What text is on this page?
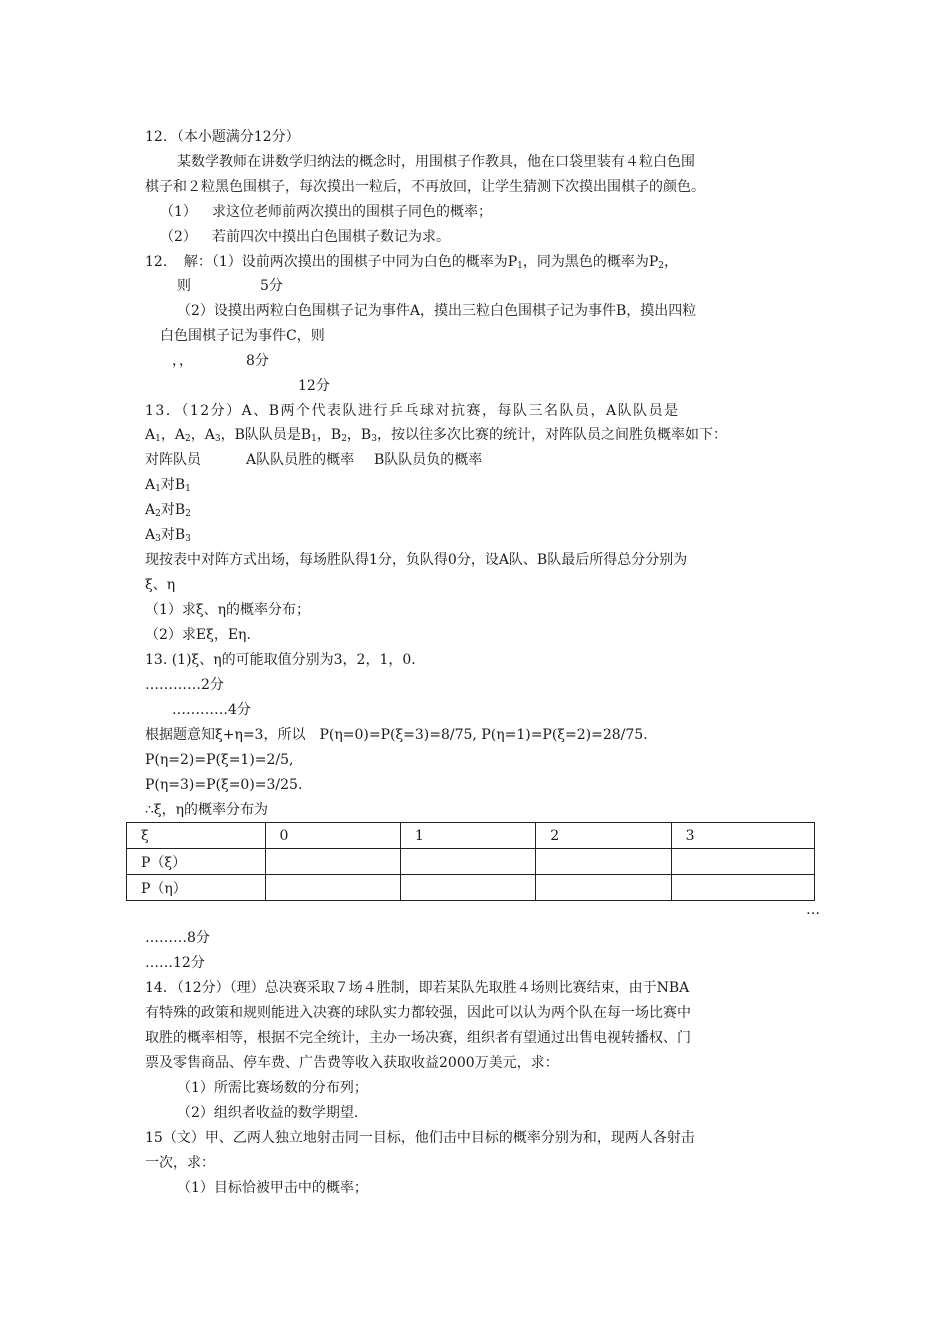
12．（本小题满分12分）
某数学教师在讲数学归纳法的概念时，用围棋子作教具，他在口袋里装有４粒白色围
棋子和２粒黑色围棋子，每次摸出一粒后，不再放回，让学生猜测下次摸出围棋子的颜色。
（1） 求这位老师前两次摸出的围棋子同色的概率；
（2） 若前四次中摸出白色围棋子数记为求。
12．　解：（1）设前两次摸出的围棋子中同为白色的概率为$P_1$，同为黑色的概率为$P_2$，
则	5分
（2）设摸出两粒白色围棋子记为事件A，摸出三粒白色围棋子记为事件B，摸出四粒
白色围棋子记为事件C，则
，，	8分
12分
13．（12分）A、B两个代表队进行乒乓球对抗赛，每队三名队员，A队队员是
$A_1$，$A_2$，$A_3$，B队队员是$B_1$，$B_2$，$B_3$，按以往多次比赛的统计，对阵队员之间胜负概率如下：
对阵队员	A队队员胜的概率 B队队员负的概率
$A_1$对$B_1$
$A_2$对$B_2$
$A_3$对$B_3$
现按表中对阵方式出场，每场胜队得1分，负队得0分，设A队、B队最后所得总分分别为
ξ、η
（1）求ξ、η的概率分布；
（2）求Eξ，Eη.
13. (1)ξ、η的可能取值分别为3，2，1，0.
…………2分
…………4分
根据题意知ξ+η=3，所以　P(η=0)=P(ξ=3)=8/75, P(η=1)=P(ξ=2)=28/75.
P(η=2)=P(ξ=1)=2/5,
P(η=3)=P(ξ=0)=3/25.
∴ξ，η的概率分布为
ξ	0	1	2	3
P（ξ）				
P（η）				
…
………8分
……12分
14．（12分）（理）总决赛采取７场４胜制，即若某队先取胜４场则比赛结束，由于NBA
有特殊的政策和规则能进入决赛的球队实力都较强，因此可以认为两个队在每一场比赛中
取胜的概率相等，根据不完全统计，主办一场决赛，组织者有望通过出售电视转播权、门
票及零售商品、停车费、广告费等收入获取收益2000万美元，求：
（1）所需比赛场数的分布列；
（2）组织者收益的数学期望.
15（文）甲、乙两人独立地射击同一目标，他们击中目标的概率分别为和，现两人各射击
一次，求：
（1）目标恰被甲击中的概率；
